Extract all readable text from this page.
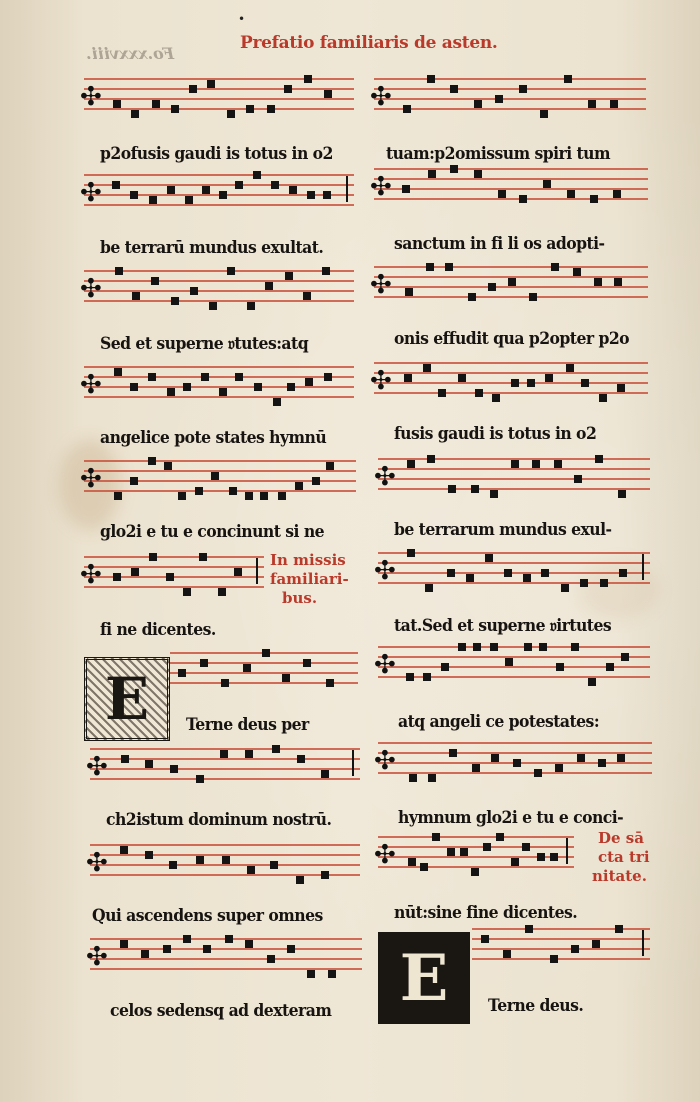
•
Fo.xxxviii.
Prefatio familiaris de asten.
✣
✣
✣
✣
✣
✣
✣
✣
✣
✣
✣
✣
✣
✣
✣
✣
✣
✣
p2ofusis gaudi is totus in o2
be terrarū mundus exultat.
Sed et superne 𝔳tutes:atq
angelice pote states hymnū
glo2i e tu e concinunt si ne
fi ne dicentes.
Terne deus per
ch2istum dominum nostrū.
Qui ascendens super omnes
celos sedensq ad dexteram
In missis
familiari-
bus.
E
tuam:p2omissum spiri tum
sanctum in fi li os adopti-
onis effudit qua p2opter p2o
fusis gaudi is totus in o2
be terrarum mundus exul-
tat.Sed et superne 𝔳irtutes
atq angeli ce potestates:
hymnum glo2i e tu e conci-
nūt:sine fine dicentes.
Terne deus.
De sā
cta tri
nitate.
E
